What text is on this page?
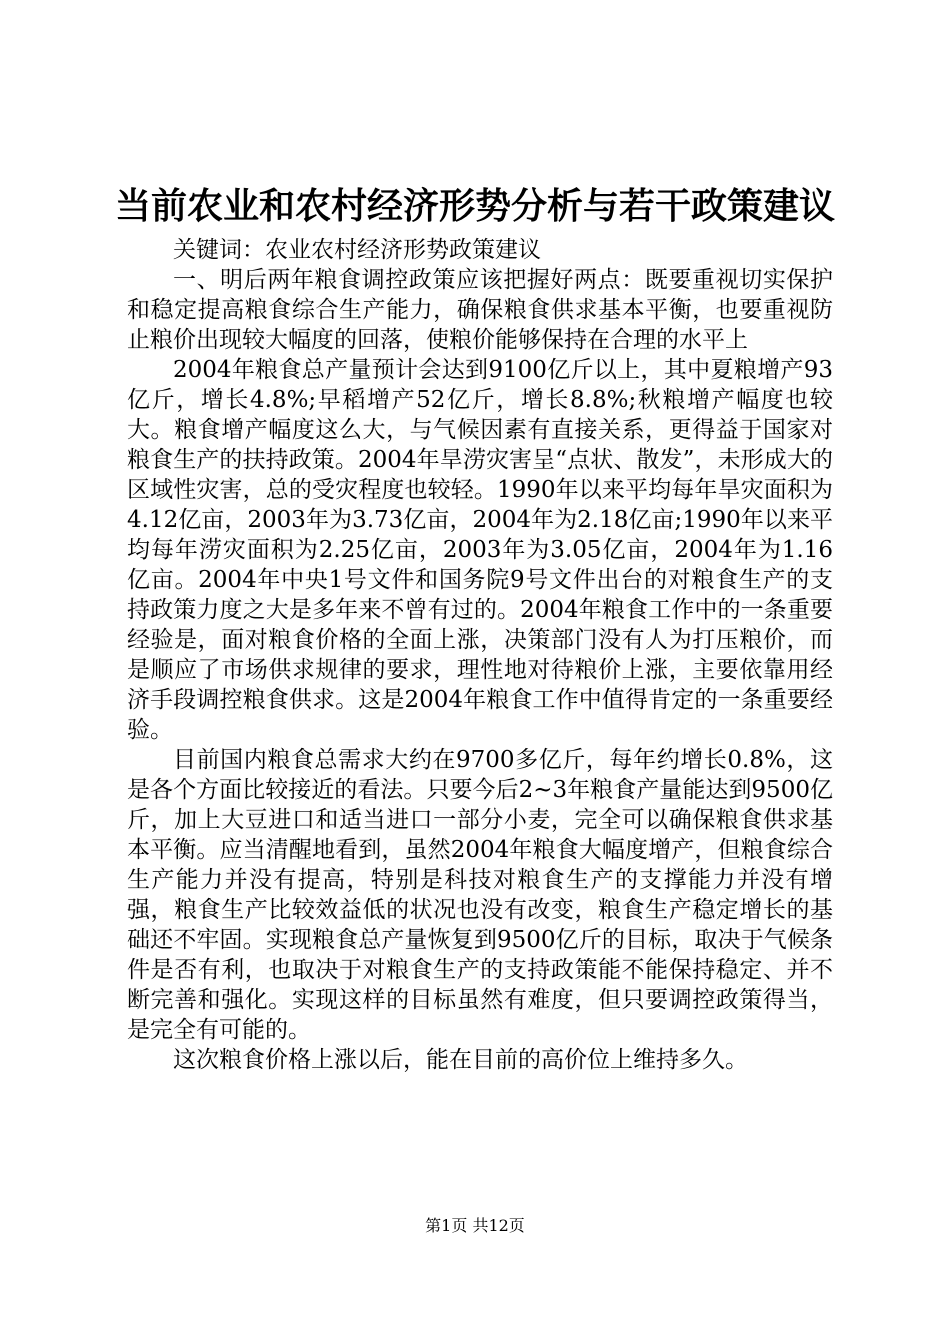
当前农业和农村经济形势分析与若干政策建议

关键词：农业农村经济形势政策建议

一、明后两年粮食调控政策应该把握好两点：既要重视切实保护和稳定提高粮食综合生产能力，确保粮食供求基本平衡，也要重视防止粮价出现较大幅度的回落，使粮价能够保持在合理的水平上

2004年粮食总产量预计会达到9100亿斤以上，其中夏粮增产93亿斤，增长4.8%;早稻增产52亿斤，增长8.8%;秋粮增产幅度也较大。粮食增产幅度这么大，与气候因素有直接关系，更得益于国家对粮食生产的扶持政策。2004年旱涝灾害呈“点状、散发”，未形成大的区域性灾害，总的受灾程度也较轻。1990年以来平均每年旱灾面积为4.12亿亩，2003年为3.73亿亩，2004年为2.18亿亩;1990年以来平均每年涝灾面积为2.25亿亩，2003年为3.05亿亩，2004年为1.16亿亩。2004年中央1号文件和国务院9号文件出台的对粮食生产的支持政策力度之大是多年来不曾有过的。2004年粮食工作中的一条重要经验是，面对粮食价格的全面上涨，决策部门没有人为打压粮价，而是顺应了市场供求规律的要求，理性地对待粮价上涨，主要依靠用经济手段调控粮食供求。这是2004年粮食工作中值得肯定的一条重要经验。

目前国内粮食总需求大约在9700多亿斤，每年约增长0.8%，这是各个方面比较接近的看法。只要今后2~3年粮食产量能达到9500亿斤，加上大豆进口和适当进口一部分小麦，完全可以确保粮食供求基本平衡。应当清醒地看到，虽然2004年粮食大幅度增产，但粮食综合生产能力并没有提高，特别是科技对粮食生产的支撑能力并没有增强，粮食生产比较效益低的状况也没有改变，粮食生产稳定增长的基础还不牢固。实现粮食总产量恢复到9500亿斤的目标，取决于气候条件是否有利，也取决于对粮食生产的支持政策能不能保持稳定、并不断完善和强化。实现这样的目标虽然有难度，但只要调控政策得当，是完全有可能的。

这次粮食价格上涨以后，能在目前的高价位上维持多久。

第1页 共12页
